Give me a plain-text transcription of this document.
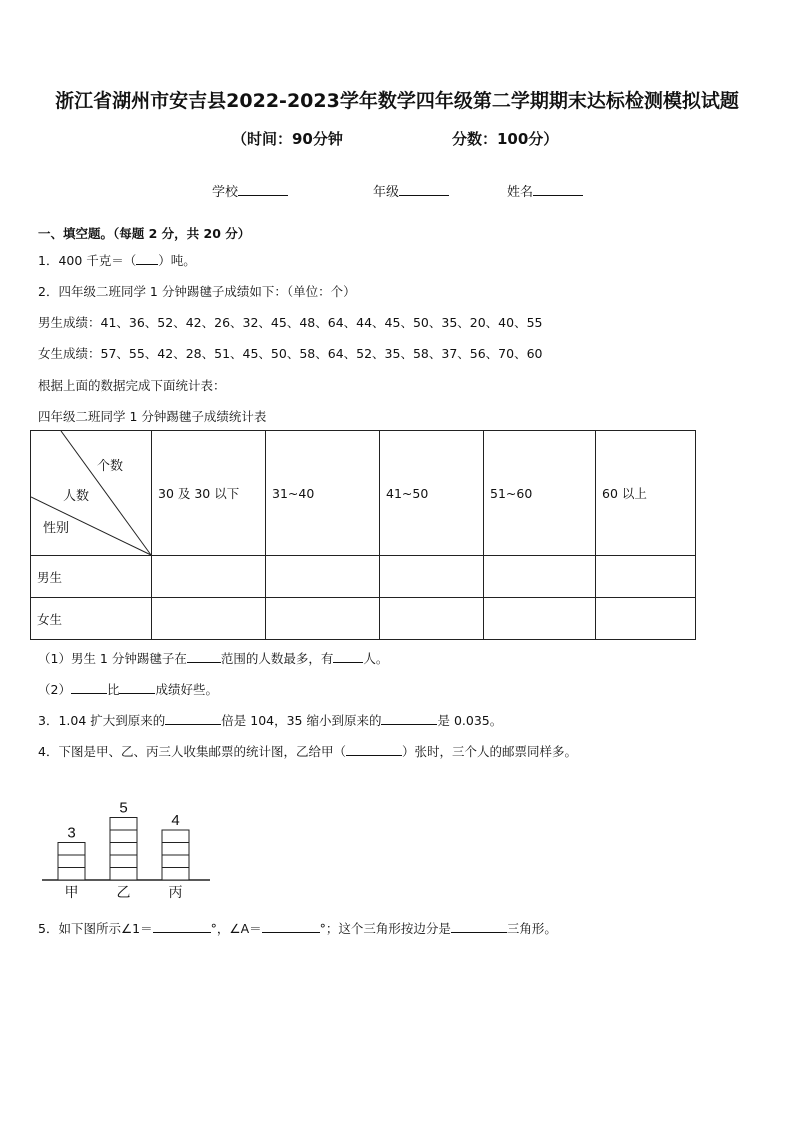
浙江省湖州市安吉县2022-2023学年数学四年级第二学期期末达标检测模拟试题
（时间：90分钟	分数：100分）
学校	年级	姓名
一、填空题。（每题 2 分，共 20 分）
1．400 千克＝（ ）吨。
2．四年级二班同学 1 分钟踢毽子成绩如下：（单位：个）
男生成绩：41、36、52、42、26、32、45、48、64、44、45、50、35、20、40、55
女生成绩：57、55、42、28、51、45、50、58、64、52、35、58、37、56、70、60
根据上面的数据完成下面统计表：
四年级二班同学 1 分钟踢毽子成绩统计表
个数
人数
性别	30 及 30 以下	31~40	41~50	51~60	60 以上
男生					
女生					
（1）男生 1 分钟踢毽子在	范围的人数最多，有 人。
（2）	比	成绩好些。
3．1.04 扩大到原来的	倍是 104，35 缩小到原来的	是 0.035。
4．下图是甲、乙、丙三人收集邮票的统计图，乙给甲（	）张时，三个人的邮票同样多。
3
甲
5
乙
4
丙
5．如下图所示∠1＝	°，∠A＝	°；这个三角形按边分是	三角形。
